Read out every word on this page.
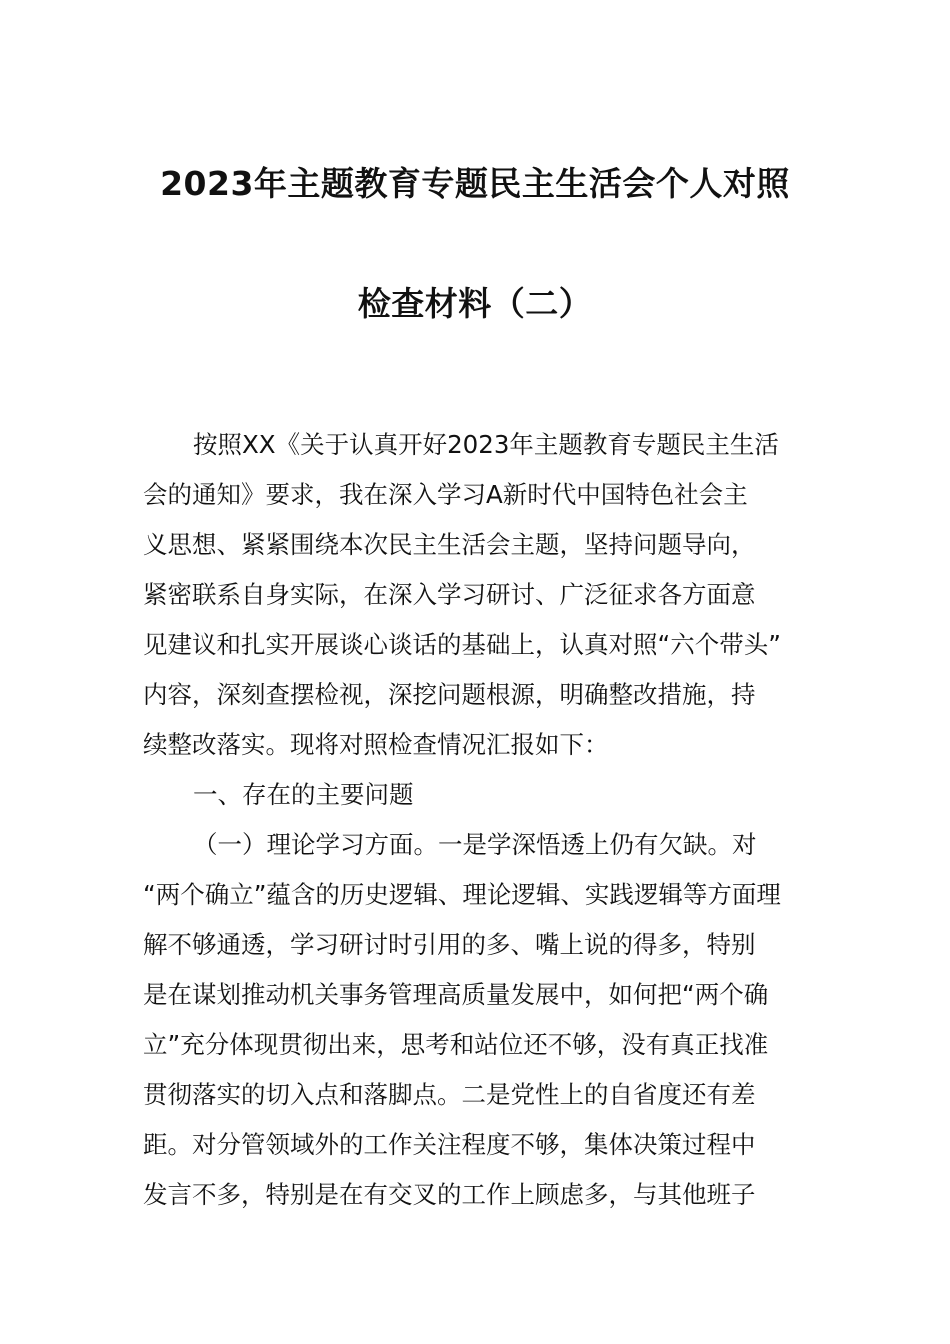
2023年主题教育专题民主生活会个人对照
检查材料（二）
按照XX《关于认真开好2023年主题教育专题民主生活
会的通知》要求，我在深入学习A新时代中国特色社会主
义思想、紧紧围绕本次民主生活会主题，坚持问题导向，
紧密联系自身实际，在深入学习研讨、广泛征求各方面意
见建议和扎实开展谈心谈话的基础上，认真对照“六个带头”
内容，深刻查摆检视，深挖问题根源，明确整改措施，持
续整改落实。现将对照检查情况汇报如下：
一、存在的主要问题
（一）理论学习方面。一是学深悟透上仍有欠缺。对
“两个确立”蕴含的历史逻辑、理论逻辑、实践逻辑等方面理
解不够通透，学习研讨时引用的多、嘴上说的得多，特别
是在谋划推动机关事务管理高质量发展中，如何把“两个确
立”充分体现贯彻出来，思考和站位还不够，没有真正找准
贯彻落实的切入点和落脚点。二是党性上的自省度还有差
距。对分管领域外的工作关注程度不够，集体决策过程中
发言不多，特别是在有交叉的工作上顾虑多，与其他班子
